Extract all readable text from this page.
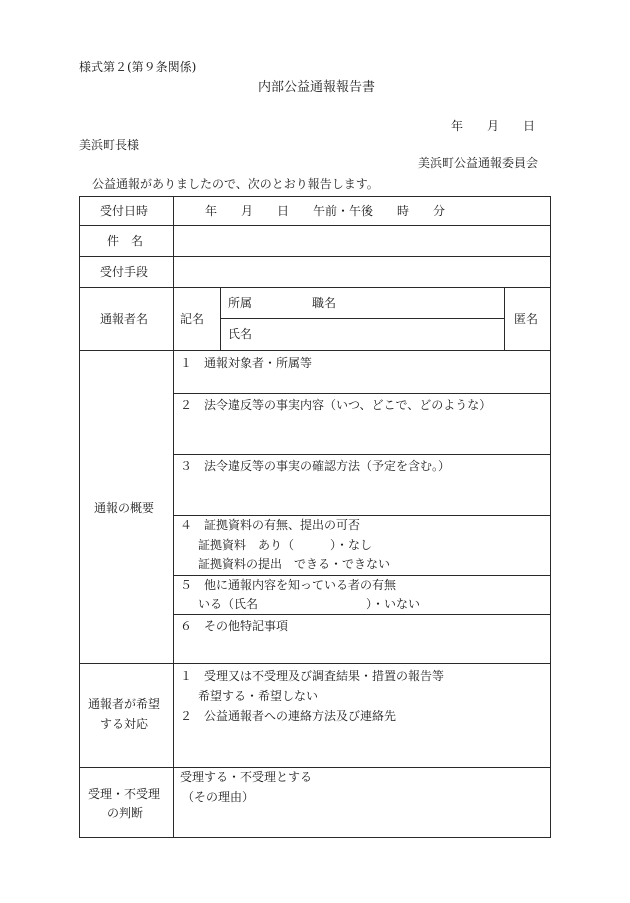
様式第２(第９条関係)
内部公益通報報告書
年　　月　　日
美浜町長様
美浜町公益通報委員会
公益通報がありましたので、次のとおり報告します。
受付日時	年　　月　　日　　午前・午後　　時　　分
件　名
受付手段
通報者名	記名
所属　　　　　職名
氏名
匿名
通報の概要
１　通報対象者・所属等
２　法令違反等の事実内容（いつ、どこで、どのような）
３　法令違反等の事実の確認方法（予定を含む。）
４　証拠資料の有無、提出の可否
証拠資料　あり（　　　）・なし
証拠資料の提出　できる・できない
５　他に通報内容を知っている者の有無
いる（氏名　　　　　　　　　）・いない
６　その他特記事項
通報者が希望
する対応
１　受理又は不受理及び調査結果・措置の報告等
希望する・希望しない
２　公益通報者への連絡方法及び連絡先
受理・不受理
の判断
受理する・不受理とする
（その理由）
